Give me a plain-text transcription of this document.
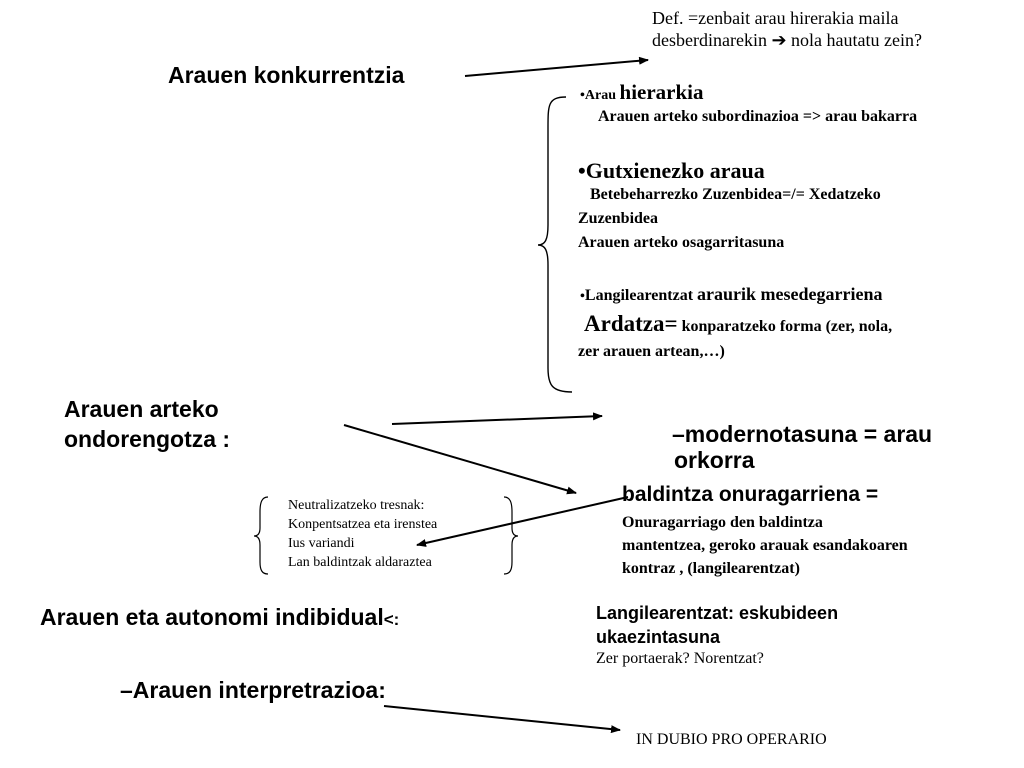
Arauen konkurrentzia
Def. =zenbait arau hirerakia maila
desberdinarekin ➔ nola hautatu zein?
•Arau hierarkia
Arauen arteko subordinazioa => arau bakarra
•Gutxienezko araua
Betebeharrezko Zuzenbidea=/= Xedatzeko
Zuzenbidea
Arauen arteko osagarritasuna
•Langilearentzat araurik mesedegarriena
Ardatza= konparatzeko forma (zer, nola,
zer arauen artean,…)
Arauen arteko
ondorengotza :	–modernotasuna = arau
orkorra
baldintza onuragarriena =
Onuragarriago den baldintza
mantentzea, geroko arauak esandakoaren
kontraz , (langilearentzat)
Neutralizatzeko tresnak:
Konpentsatzea eta irenstea
Ius variandi
Lan baldintzak aldaraztea
Arauen eta autonomi indibidual<:	Langilearentzat: eskubideen
ukaezintasuna
Zer portaerak? Norentzat?
–Arauen interpretrazioa:
IN DUBIO PRO OPERARIO
